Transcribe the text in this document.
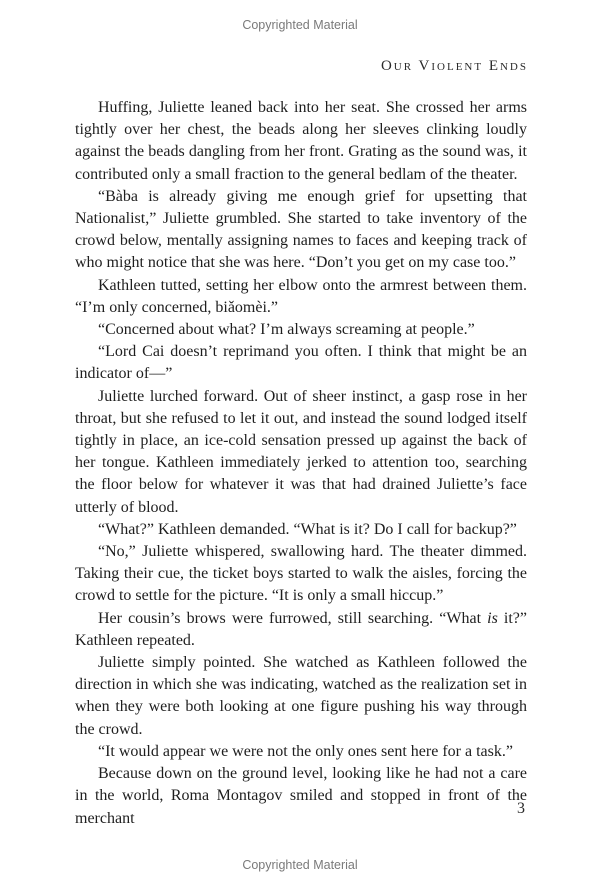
Copyrighted Material
Our Violent Ends

Huffing, Juliette leaned back into her seat. She crossed her arms tightly over her chest, the beads along her sleeves clinking loudly against the beads dangling from her front. Grating as the sound was, it contributed only a small fraction to the general bedlam of the theater.

“Bàba is already giving me enough grief for upsetting that Nationalist,” Juliette grumbled. She started to take inventory of the crowd below, mentally assigning names to faces and keeping track of who might notice that she was here. “Don’t you get on my case too.”

Kathleen tutted, setting her elbow onto the armrest between them. “I’m only concerned, biǎomèi.”

“Concerned about what? I’m always screaming at people.”

“Lord Cai doesn’t reprimand you often. I think that might be an indicator of—”

Juliette lurched forward. Out of sheer instinct, a gasp rose in her throat, but she refused to let it out, and instead the sound lodged itself tightly in place, an ice-cold sensation pressed up against the back of her tongue. Kathleen immediately jerked to attention too, searching the floor below for whatever it was that had drained Juliette’s face utterly of blood.

“What?” Kathleen demanded. “What is it? Do I call for backup?”

“No,” Juliette whispered, swallowing hard. The theater dimmed. Taking their cue, the ticket boys started to walk the aisles, forcing the crowd to settle for the picture. “It is only a small hiccup.”

Her cousin’s brows were furrowed, still searching. “What is it?” Kathleen repeated.

Juliette simply pointed. She watched as Kathleen followed the direction in which she was indicating, watched as the realization set in when they were both looking at one figure pushing his way through the crowd.

“It would appear we were not the only ones sent here for a task.”

Because down on the ground level, looking like he had not a care in the world, Roma Montagov smiled and stopped in front of the merchant

3
Copyrighted Material
